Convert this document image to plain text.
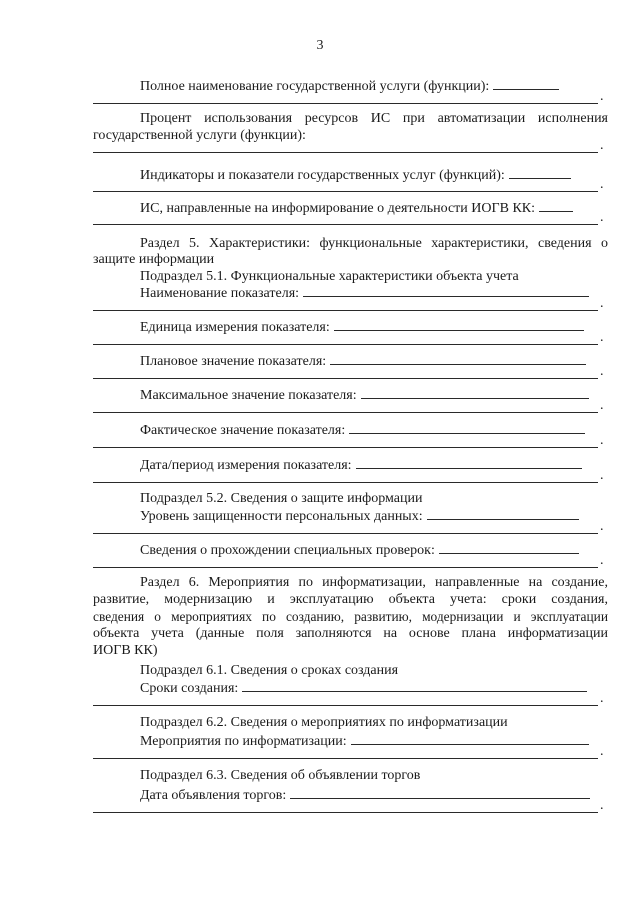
3
Полное наименование государственной услуги (функции):
.
Процент использования ресурсов ИС при автоматизации исполнения
государственной услуги (функции):
.
Индикаторы и показатели государственных услуг (функций):
.
ИС, направленные на информирование о деятельности ИОГВ КК:
.
Раздел 5. Характеристики: функциональные характеристики, сведения о
защите информации
Подраздел 5.1. Функциональные характеристики объекта учета
Наименование показателя:
.
Единица измерения показателя:
.
Плановое значение показателя:
.
Максимальное значение показателя:
.
Фактическое значение показателя:
.
Дата/период измерения показателя:
.
Подраздел 5.2. Сведения о защите информации
Уровень защищенности персональных данных:
.
Сведения о прохождении специальных проверок:
.
Раздел 6. Мероприятия по информатизации, направленные на создание,
развитие, модернизацию и эксплуатацию объекта учета: сроки создания,
сведения о мероприятиях по созданию, развитию, модернизации и эксплуатации
объекта учета (данные поля заполняются на основе плана информатизации
ИОГВ КК)
Подраздел 6.1. Сведения о сроках создания
Сроки создания:
.
Подраздел 6.2. Сведения о мероприятиях по информатизации
Мероприятия по информатизации:
.
Подраздел 6.3. Сведения об объявлении торгов
Дата объявления торгов:
.
